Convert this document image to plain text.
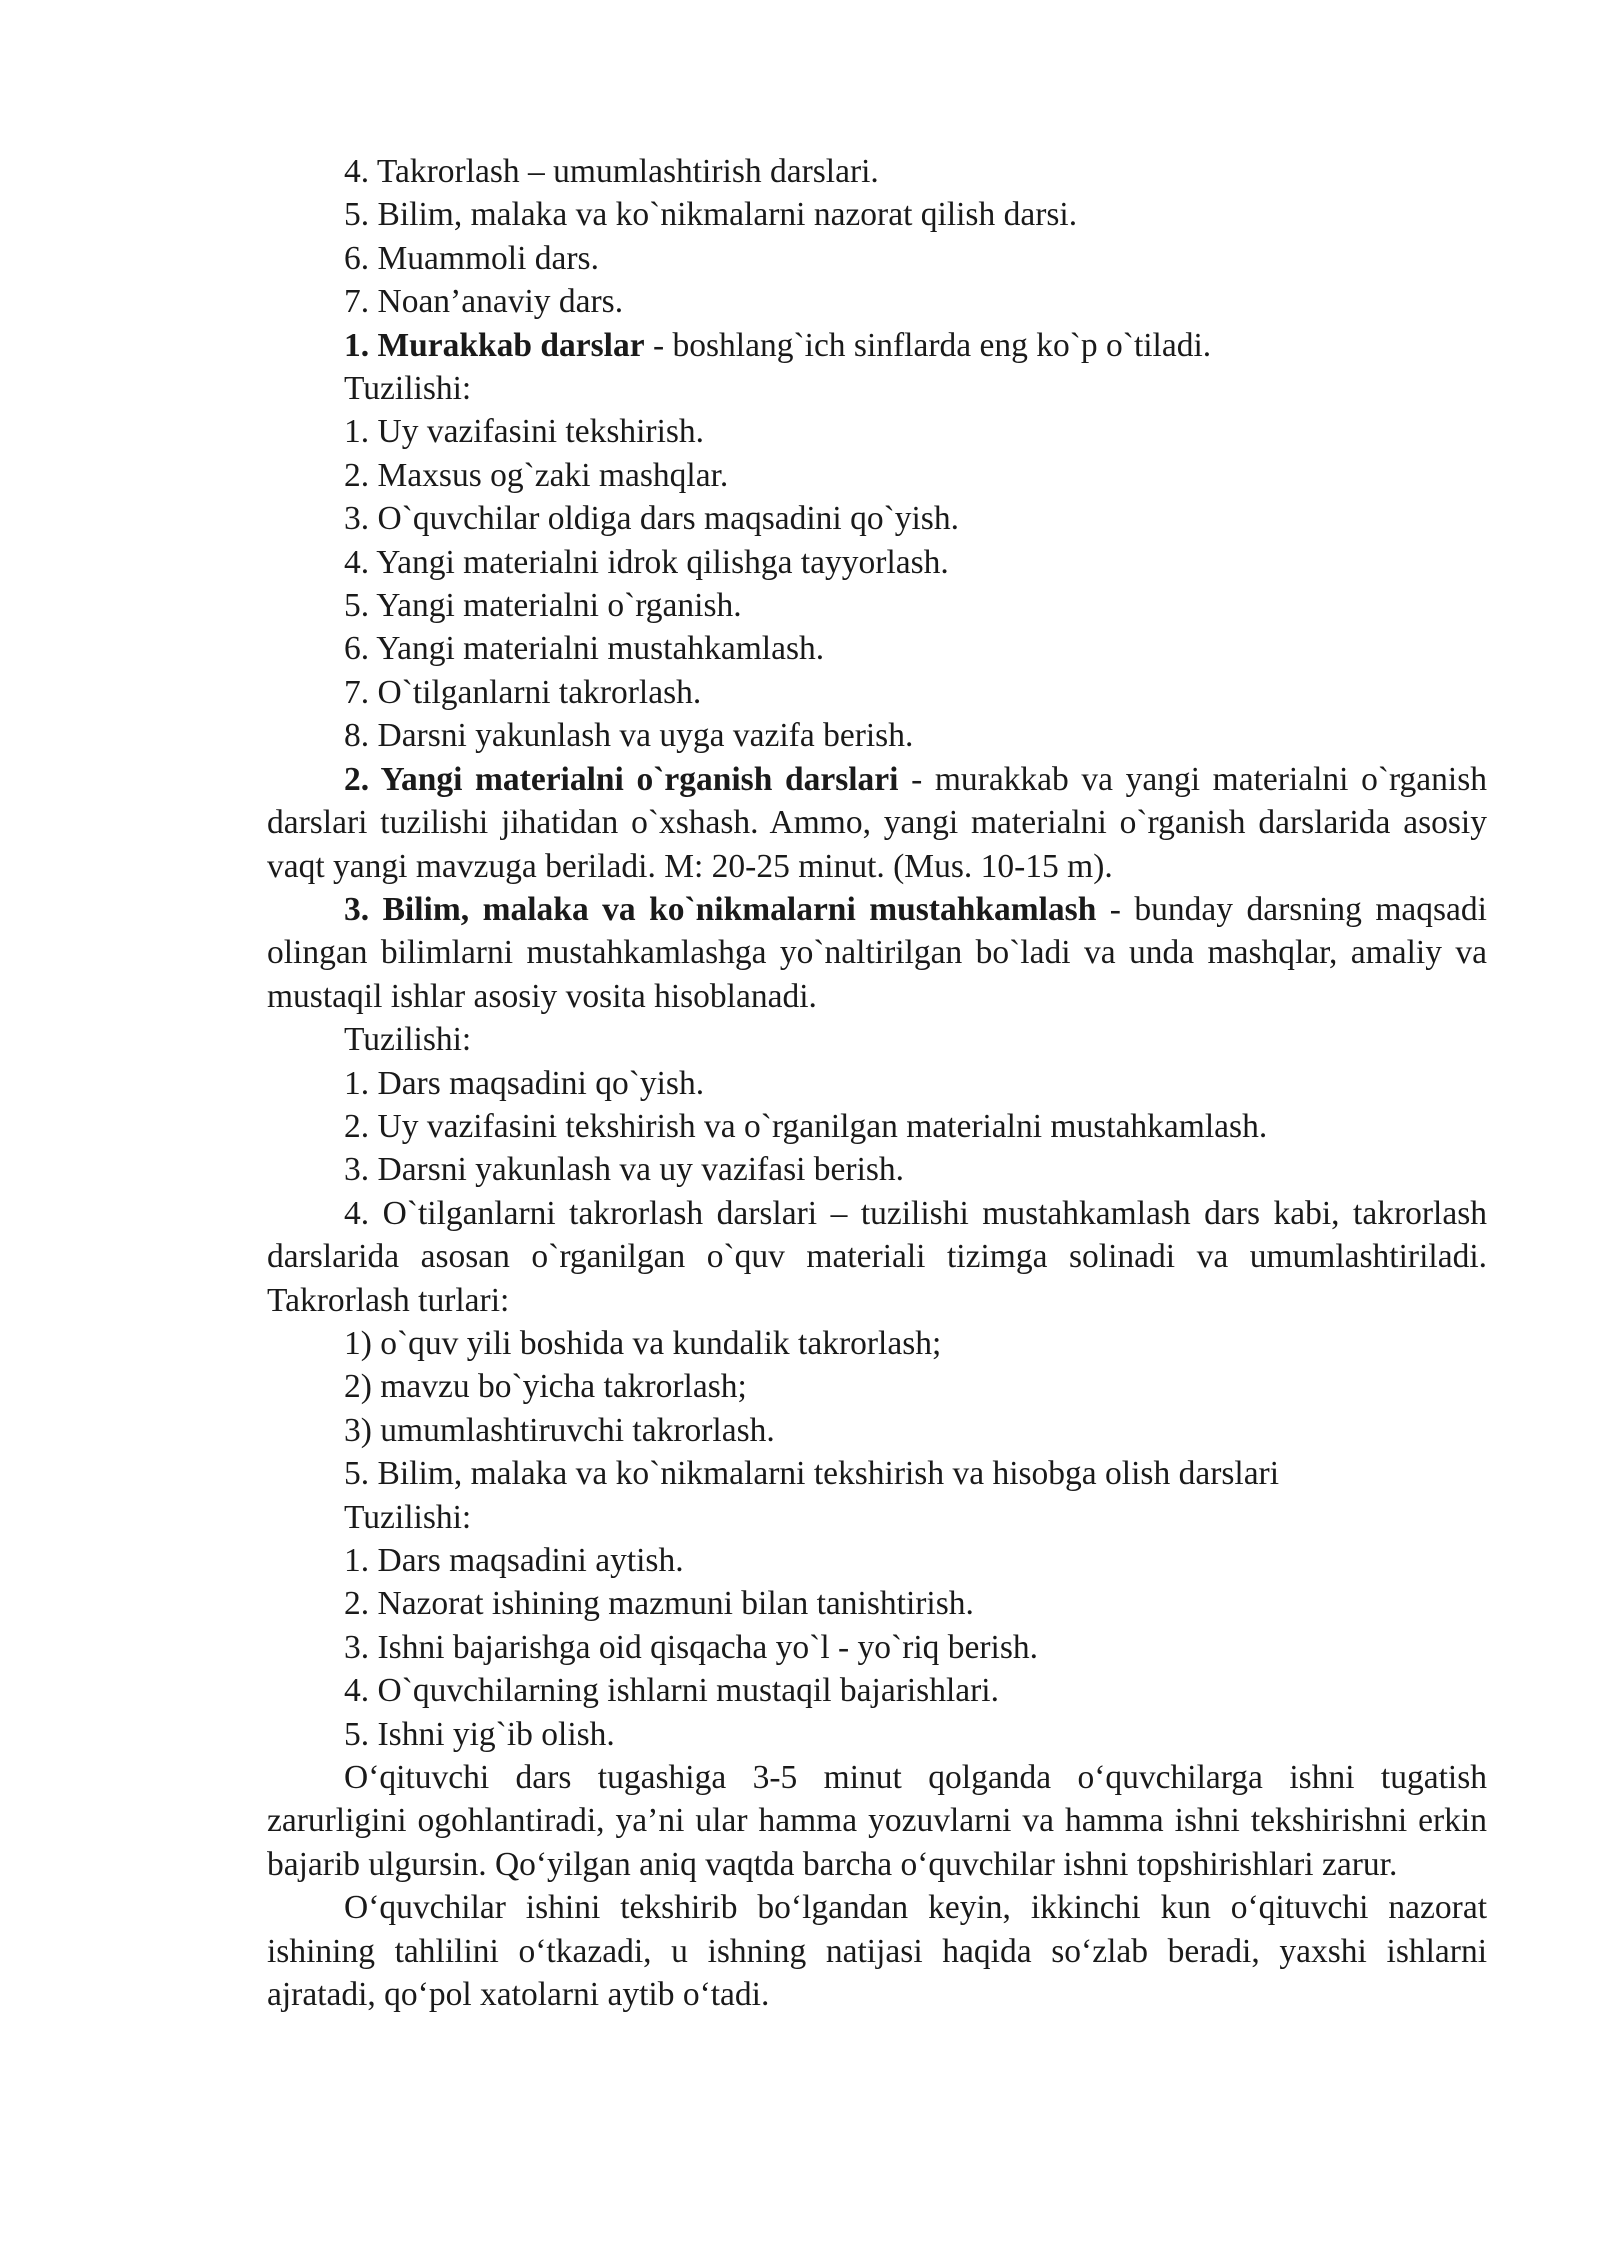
4. Takrorlash – umumlashtirish darslari.

5. Bilim, malaka va ko`nikmalarni nazorat qilish darsi.

6. Muammoli dars.

7. Noan’anaviy dars.

1. Murakkab darslar - boshlang`ich sinflarda eng ko`p o`tiladi.

Tuzilishi:

1. Uy vazifasini tekshirish.

2. Maxsus og`zaki mashqlar.

3. O`quvchilar oldiga dars maqsadini qo`yish.

4. Yangi materialni idrok qilishga tayyorlash.

5. Yangi materialni o`rganish.

6. Yangi materialni mustahkamlash.

7. O`tilganlarni takrorlash.

8. Darsni yakunlash va uyga vazifa berish.

2. Yangi materialni o`rganish darslari - murakkab va yangi materialni o`rganish darslari tuzilishi jihatidan o`xshash. Ammo, yangi materialni o`rganish darslarida asosiy vaqt yangi mavzuga beriladi. M: 20-25 minut. (Mus. 10-15 m).

3. Bilim, malaka va ko`nikmalarni mustahkamlash - bunday darsning maqsadi olingan bilimlarni mustahkamlashga yo`naltirilgan bo`ladi va unda mashqlar, amaliy va mustaqil ishlar asosiy vosita hisoblanadi.

Tuzilishi:

1. Dars maqsadini qo`yish.

2. Uy vazifasini tekshirish va o`rganilgan materialni mustahkamlash.

3. Darsni yakunlash va uy vazifasi berish.

4. O`tilganlarni takrorlash darslari – tuzilishi mustahkamlash dars kabi, takrorlash darslarida asosan o`rganilgan o`quv materiali tizimga solinadi va umumlashtiriladi. Takrorlash turlari:

1) o`quv yili boshida va kundalik takrorlash;

2) mavzu bo`yicha takrorlash;

3) umumlashtiruvchi takrorlash.

5. Bilim, malaka va ko`nikmalarni tekshirish va hisobga olish darslari

Tuzilishi:

1. Dars maqsadini aytish.

2. Nazorat ishining mazmuni bilan tanishtirish.

3. Ishni bajarishga oid qisqacha yo`l - yo`riq berish.

4. O`quvchilarning ishlarni mustaqil bajarishlari.

5. Ishni yig`ib olish.

O‘qituvchi dars tugashiga 3-5 minut qolganda o‘quvchilarga ishni tugatish zarurligini ogohlantiradi, ya’ni ular hamma yozuvlarni va hamma ishni tekshirishni erkin bajarib ulgursin. Qo‘yilgan aniq vaqtda barcha o‘quvchilar ishni topshirishlari zarur.

O‘quvchilar ishini tekshirib bo‘lgandan keyin, ikkinchi kun o‘qituvchi nazorat ishining tahlilini o‘tkazadi, u ishning natijasi haqida so‘zlab beradi, yaxshi ishlarni ajratadi, qo‘pol xatolarni aytib o‘tadi.
